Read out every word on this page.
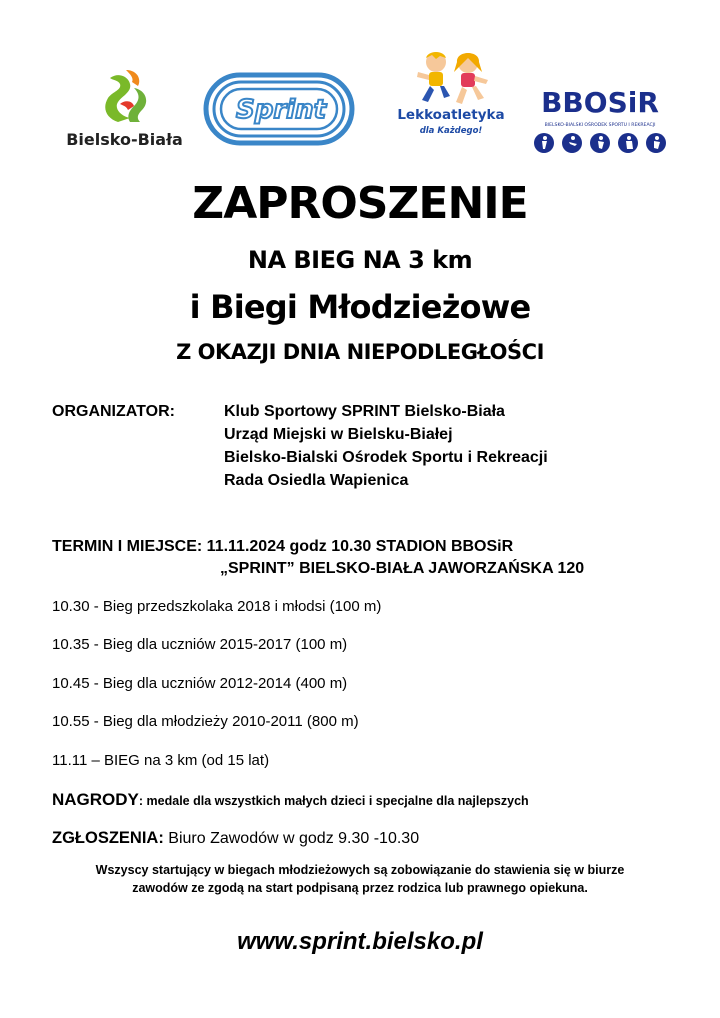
Bielsko-Biała
Sprint	Lekkoatletyka
dla Każdego!
BBOSiR
BIELSKO-BIALSKI OŚRODEK SPORTU I REKREACJI
ZAPROSZENIE
NA BIEG NA 3 km
i Biegi Młodzieżowe
Z OKAZJI DNIA NIEPODLEGŁOŚCI
ORGANIZATOR:	Klub Sportowy SPRINT Bielsko-Biała
Urząd Miejski w Bielsku-Białej
Bielsko-Bialski Ośrodek Sportu i Rekreacji
Rada Osiedla Wapienica
TERMIN I MIEJSCE: 11.11.2024 godz 10.30 STADION BBOSiR
„SPRINT” BIELSKO-BIAŁA JAWORZAŃSKA 120
10.30 - Bieg przedszkolaka 2018 i młodsi (100 m)
10.35 - Bieg dla uczniów 2015-2017 (100 m)
10.45 - Bieg dla uczniów 2012-2014 (400 m)
10.55 - Bieg dla młodzieży 2010-2011 (800 m)
11.11 – BIEG na 3 km (od 15 lat)
NAGRODY: medale dla wszystkich małych dzieci i specjalne dla najlepszych
ZGŁOSZENIA: Biuro Zawodów w godz 9.30 -10.30
Wszyscy startujący w biegach młodzieżowych są zobowiązanie do stawienia się w biurze
zawodów ze zgodą na start podpisaną przez rodzica lub prawnego opiekuna.
www.sprint.bielsko.pl
